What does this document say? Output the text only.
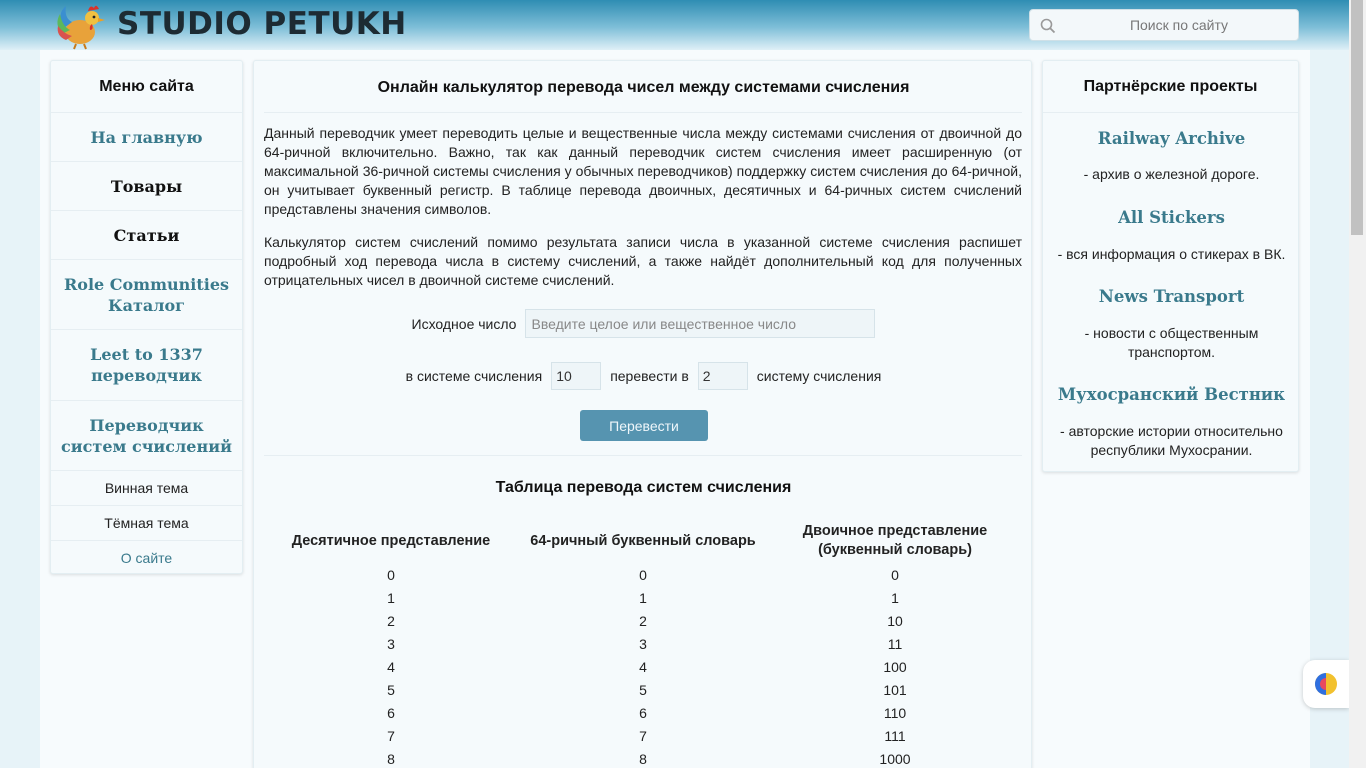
STUDIO PETUKH
Поиск по сайту
Меню сайта
На главную
Товары
Статьи
Role Communities Каталог
Leet to 1337 переводчик
Переводчик систем счислений
Винная тема
Тёмная тема
О сайте
Онлайн калькулятор перевода чисел между системами счисления

Данный переводчик умеет переводить целые и вещественные числа между системами счисления от двоичной до 64-ричной включительно. Важно, так как данный переводчик систем счисления имеет расширенную (от максимальной 36-ричной системы счисления у обычных переводчиков) поддержку систем счисления до 64-ричной, он учитывает буквенный регистр. В таблице перевода двоичных, десятичных и 64-ричных систем счислений представлены значения символов.

Калькулятор систем счислений помимо результата записи числа в указанной системе счисления распишет подробный ход перевода числа в систему счислений, а также найдёт дополнительный код для полученных отрицательных чисел в двоичной системе счислений.

Исходное число
Введите целое или вещественное число
в системе счисления
10	перевести в
2	систему счисления
Перевести
Таблица перевода систем счисления
Десятичное представление	64-ричный буквенный словарь	Двоичное представление (буквенный словарь)
0	0	0
1	1	1
2	2	10
3	3	11
4	4	100
5	5	101
6	6	110
7	7	111
8	8	1000
Партнёрские проекты
Railway Archive
- архив о железной дороге.
All Stickers
- вся информация о стикерах в ВК.
News Transport
- новости с общественным транспортом.
Мухосранский Вестник
- авторские истории относительно республики Мухосрании.
